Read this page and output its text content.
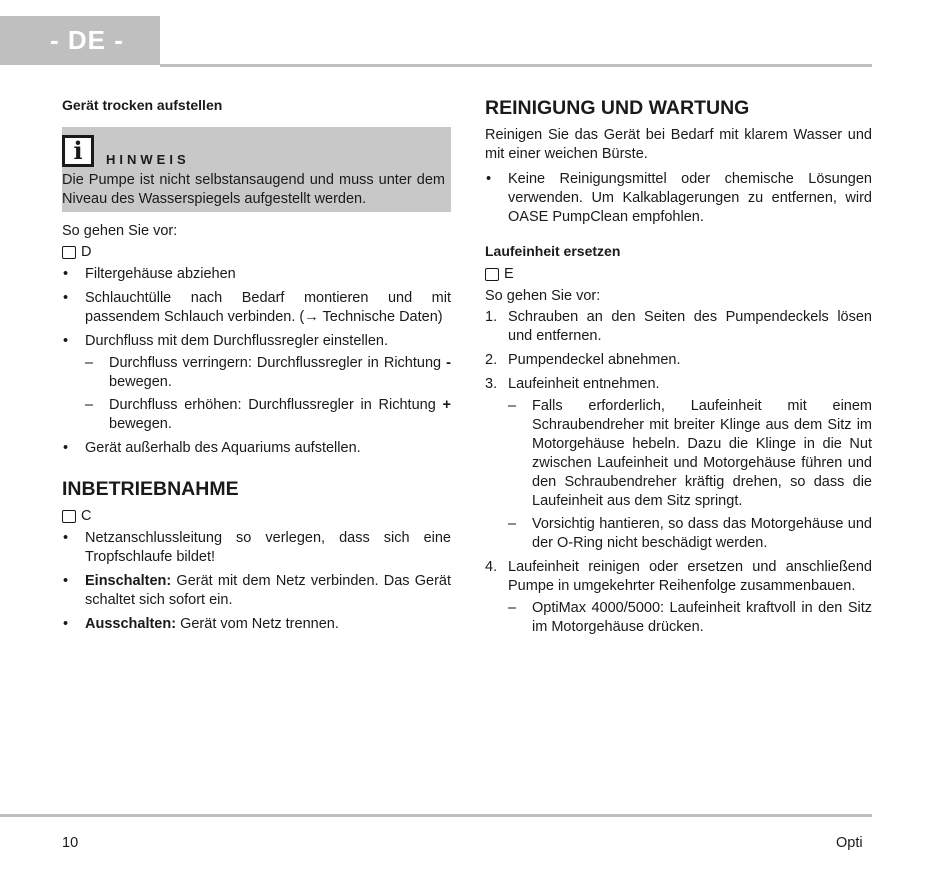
- DE -
Gerät trocken aufstellen
i	HINWEIS
Die Pumpe ist nicht selbstansaugend und muss unter dem Niveau des Wasserspiegels aufgestellt werden.

So gehen Sie vor:

D
• Filtergehäuse abziehen
• Schlauchtülle nach Bedarf montieren und mit passendem Schlauch verbinden. (→ Technische Daten)
• Durchfluss mit dem Durchflussregler einstellen.
– Durchfluss verringern: Durchflussregler in Richtung - bewegen.
– Durchfluss erhöhen: Durchflussregler in Richtung + bewegen.
• Gerät außerhalb des Aquariums aufstellen.
INBETRIEBNAHME
C
• Netzanschlussleitung so verlegen, dass sich eine Tropfschlaufe bildet!
• Einschalten: Gerät mit dem Netz verbinden. Das Gerät schaltet sich sofort ein.
• Ausschalten: Gerät vom Netz trennen.
REINIGUNG UND WARTUNG

Reinigen Sie das Gerät bei Bedarf mit klarem Wasser und mit einer weichen Bürste.

• Keine Reinigungsmittel oder chemische Lösungen verwenden. Um Kalkablagerungen zu entfernen, wird OASE PumpClean empfohlen.
Laufeinheit ersetzen
E

So gehen Sie vor:

1. Schrauben an den Seiten des Pumpendeckels lösen und entfernen.
2. Pumpendeckel abnehmen.
3. Laufeinheit entnehmen.
– Falls erforderlich, Laufeinheit mit einem Schraubendreher mit breiter Klinge aus dem Sitz im Motorgehäuse hebeln. Dazu die Klinge in die Nut zwischen Laufeinheit und Motorgehäuse führen und den Schraubendreher kräftig drehen, so dass die Laufeinheit aus dem Sitz springt.
– Vorsichtig hantieren, so dass das Motorgehäuse und der O-Ring nicht beschädigt werden.
4. Laufeinheit reinigen oder ersetzen und anschließend Pumpe in umgekehrter Reihenfolge zusammenbauen.
– OptiMax 4000/5000: Laufeinheit kraftvoll in den Sitz im Motorgehäuse drücken.
10	Opti
